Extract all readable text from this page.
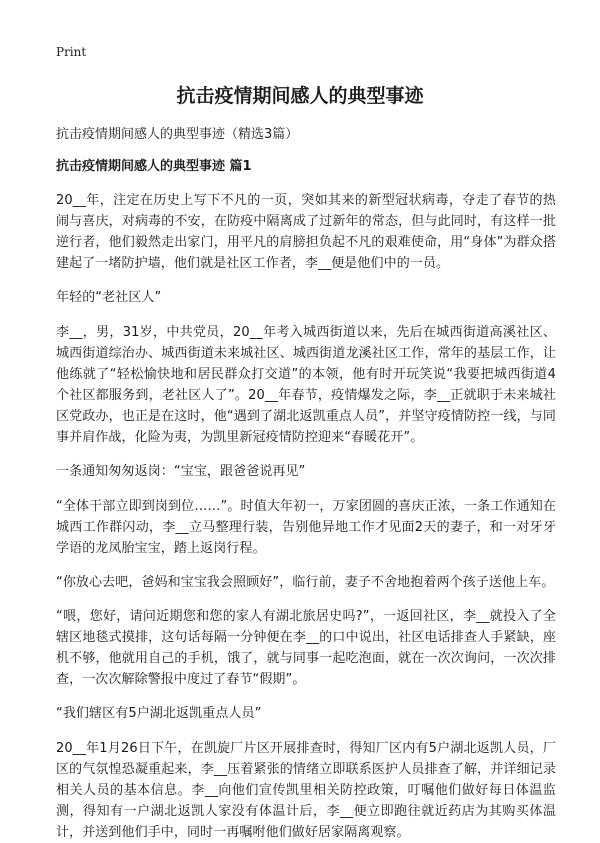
Print
抗击疫情期间感人的典型事迹
抗击疫情期间感人的典型事迹（精选3篇）
抗击疫情期间感人的典型事迹 篇1

20__年，注定在历史上写下不凡的一页，突如其来的新型冠状病毒，夺走了春节的热闹与喜庆，对病毒的不安，在防疫中隔离成了过新年的常态，但与此同时，有这样一批逆行者，他们毅然走出家门，用平凡的肩膀担负起不凡的艰难使命，用“身体”为群众搭建起了一堵防护墙，他们就是社区工作者，李__便是他们中的一员。

年轻的“老社区人”

李__，男，31岁，中共党员，20__年考入城西街道以来，先后在城西街道高溪社区、城西街道综治办、城西街道未来城社区、城西街道龙溪社区工作，常年的基层工作，让他练就了“轻松愉快地和居民群众打交道”的本领，他有时开玩笑说“我要把城西街道4个社区都服务到，老社区人了”。20__年春节，疫情爆发之际，李__正就职于未来城社区党政办，也正是在这时，他“遇到了湖北返凯重点人员”，并坚守疫情防控一线，与同事并肩作战，化险为夷，为凯里新冠疫情防控迎来“春暖花开”。

一条通知匆匆返岗：“宝宝，跟爸爸说再见”

“全体干部立即到岗到位……”。时值大年初一，万家团圆的喜庆正浓，一条工作通知在城西工作群闪动，李__立马整理行装，告别他异地工作才见面2天的妻子，和一对牙牙学语的龙凤胎宝宝，踏上返岗行程。

“你放心去吧，爸妈和宝宝我会照顾好”，临行前，妻子不舍地抱着两个孩子送他上车。

“喂，您好，请问近期您和您的家人有湖北旅居史吗?”，一返回社区，李__就投入了全辖区地毯式摸排，这句话每隔一分钟便在李__的口中说出，社区电话排查人手紧缺，座机不够，他就用自己的手机，饿了，就与同事一起吃泡面，就在一次次询问，一次次排查，一次次解除警报中度过了春节“假期”。

“我们辖区有5户湖北返凯重点人员”

20__年1月26日下午，在凯旋厂片区开展排查时，得知厂区内有5户湖北返凯人员，厂区的气氛惶恐凝重起来，李__压着紧张的情绪立即联系医护人员排查了解，并详细记录相关人员的基本信息。李__向他们宣传凯里相关防控政策，叮嘱他们做好每日体温监测，得知有一户湖北返凯人家没有体温计后，李__便立即跑往就近药店为其购买体温计，并送到他们手中，同时一再嘱咐他们做好居家隔离观察。
